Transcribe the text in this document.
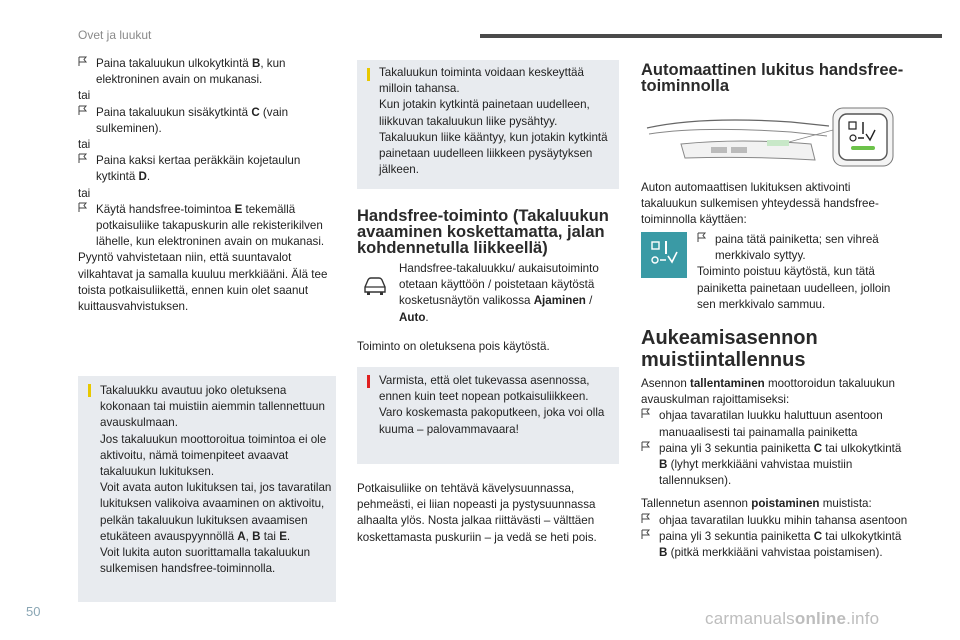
Ovet ja luukut
Paina takaluukun ulkokytkintä B, kun elektroninen avain on mukanasi.
tai
Paina takaluukun sisäkytkintä C (vain sulkeminen).
tai
Paina kaksi kertaa peräkkäin kojetaulun kytkintä D.
tai
Käytä handsfree-toimintoa E tekemällä potkaisuliike takapuskurin alle rekisterikilven lähelle, kun elektroninen avain on mukanasi.

Pyyntö vahvistetaan niin, että suuntavalot vilkahtavat ja samalla kuuluu merkkiääni. Älä tee toista potkaisuliikettä, ennen kuin olet saanut kuittausvahvistuksen.

Takaluukku avautuu joko oletuksena kokonaan tai muistiin aiemmin tallennettuun avauskulmaan.

Jos takaluukun moottoroitua toimintoa ei ole aktivoitu, nämä toimenpiteet avaavat takaluukun lukituksen.

Voit avata auton lukituksen tai, jos tavaratilan lukituksen valikoiva avaaminen on aktivoitu, pelkän takaluukun lukituksen avaamisen etukäteen avauspyynnöllä A, B tai E.

Voit lukita auton suorittamalla takaluukun sulkemisen handsfree-toiminnolla.

Takaluukun toiminta voidaan keskeyttää milloin tahansa.

Kun jotakin kytkintä painetaan uudelleen, liikkuvan takaluukun liike pysähtyy.

Takaluukun liike kääntyy, kun jotakin kytkintä painetaan uudelleen liikkeen pysäytyksen jälkeen.

Handsfree-toiminto (Takaluukun avaaminen koskettamatta, jalan kohdennetulla liikkeellä)
Handsfree-takaluukku/ aukaisutoiminto otetaan käyttöön / poistetaan käytöstä kosketusnäytön valikossa Ajaminen / Auto.

Toiminto on oletuksena pois käytöstä.

Varmista, että olet tukevassa asennossa, ennen kuin teet nopean potkaisuliikkeen. Varo koskemasta pakoputkeen, joka voi olla kuuma – palovammavaara!

Potkaisuliike on tehtävä kävelysuunnassa, pehmeästi, ei liian nopeasti ja pystysuunnassa alhaalta ylös. Nosta jalkaa riittävästi – välttäen koskettamasta puskuriin – ja vedä se heti pois.

Automaattinen lukitus handsfree-toiminnolla

Auton automaattisen lukituksen aktivointi takaluukun sulkemisen yhteydessä handsfree-toiminnolla käyttäen:

paina tätä painiketta; sen vihreä merkkivalo syttyy.

Toiminto poistuu käytöstä, kun tätä painiketta painetaan uudelleen, jolloin sen merkkivalo sammuu.

Aukeamisasennon muistiintallennus

Asennon tallentaminen moottoroidun takaluukun avauskulman rajoittamiseksi:

ohjaa tavaratilan luukku haluttuun asentoon manuaalisesti tai painamalla painiketta
paina yli 3 sekuntia painiketta C tai ulkokytkintä B (lyhyt merkkiääni vahvistaa muistiin tallennuksen).

Tallennetun asennon poistaminen muistista:

ohjaa tavaratilan luukku mihin tahansa asentoon
paina yli 3 sekuntia painiketta C tai ulkokytkintä B (pitkä merkkiääni vahvistaa poistamisen).
50	carmanualsonline.info
